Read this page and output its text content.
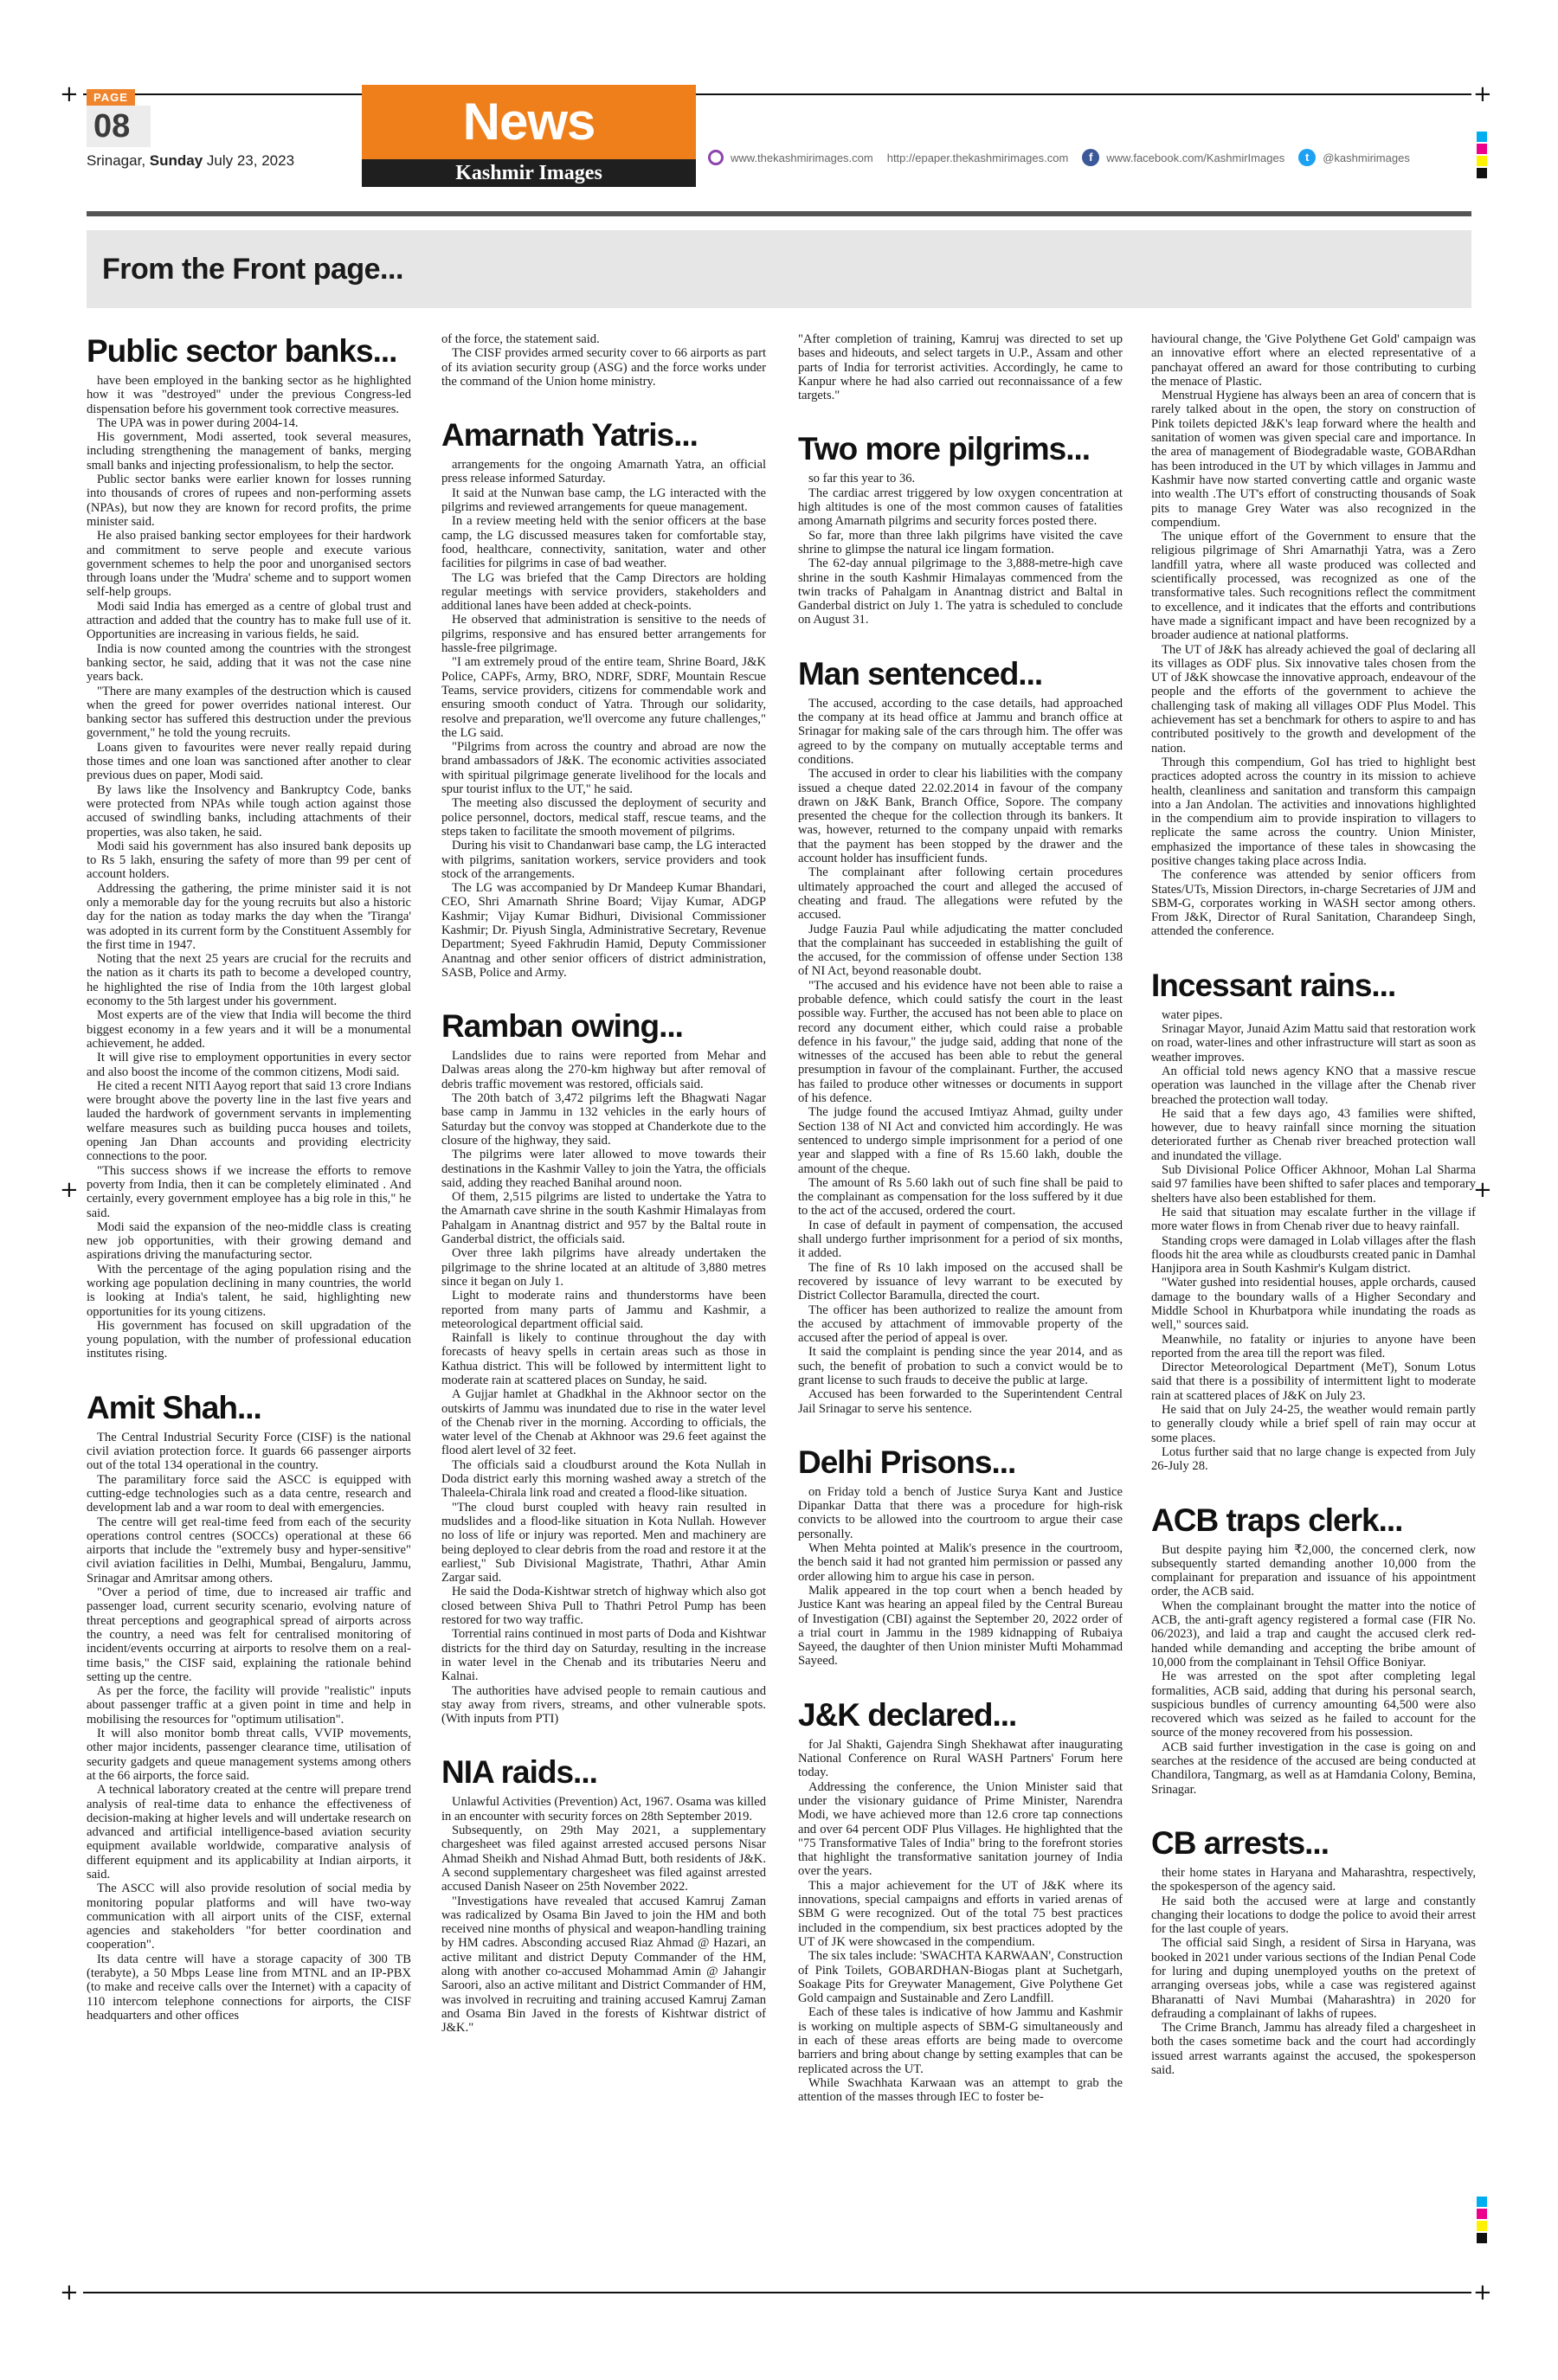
+	+
+	+
+	+
PAGE
08
Srinagar, Sunday July 23, 2023
News
Kashmir Images
www.thekashmirimages.com http://epaper.thekashmirimages.com	f	www.facebook.com/KashmirImages	t	@kashmirimages
From the Front page...
Public sector banks...

have been employed in the banking sector as he highlighted how it was "destroyed" under the previous Congress-led dispensation before his government took corrective measures.

The UPA was in power during 2004-14.

His government, Modi asserted, took several measures, including strengthening the management of banks, merging small banks and injecting professionalism, to help the sector.

Public sector banks were earlier known for losses running into thousands of crores of rupees and non-performing assets (NPAs), but now they are known for record profits, the prime minister said.

He also praised banking sector employees for their hardwork and commitment to serve people and execute various government schemes to help the poor and unorganised sectors through loans under the 'Mudra' scheme and to support women self-help groups.

Modi said India has emerged as a centre of global trust and attraction and added that the country has to make full use of it. Opportunities are increasing in various fields, he said.

India is now counted among the countries with the strongest banking sector, he said, adding that it was not the case nine years back.

"There are many examples of the destruction which is caused when the greed for power overrides national interest. Our banking sector has suffered this destruction under the previous government," he told the young recruits.

Loans given to favourites were never really repaid during those times and one loan was sanctioned after another to clear previous dues on paper, Modi said.

By laws like the Insolvency and Bankruptcy Code, banks were protected from NPAs while tough action against those accused of swindling banks, including attachments of their properties, was also taken, he said.

Modi said his government has also insured bank deposits up to Rs 5 lakh, ensuring the safety of more than 99 per cent of account holders.

Addressing the gathering, the prime minister said it is not only a memorable day for the young recruits but also a historic day for the nation as today marks the day when the 'Tiranga' was adopted in its current form by the Constituent Assembly for the first time in 1947.

Noting that the next 25 years are crucial for the recruits and the nation as it charts its path to become a developed country, he highlighted the rise of India from the 10th largest global economy to the 5th largest under his government.

Most experts are of the view that India will become the third biggest economy in a few years and it will be a monumental achievement, he added.

It will give rise to employment opportunities in every sector and also boost the income of the common citizens, Modi said.

He cited a recent NITI Aayog report that said 13 crore Indians were brought above the poverty line in the last five years and lauded the hardwork of government servants in implementing welfare measures such as building pucca houses and toilets, opening Jan Dhan accounts and providing electricity connections to the poor.

"This success shows if we increase the efforts to remove poverty from India, then it can be completely eliminated . And certainly, every government employee has a big role in this," he said.

Modi said the expansion of the neo-middle class is creating new job opportunities, with their growing demand and aspirations driving the manufacturing sector.

With the percentage of the aging population rising and the working age population declining in many countries, the world is looking at India's talent, he said, highlighting new opportunities for its young citizens.

His government has focused on skill upgradation of the young population, with the number of professional education institutes rising.

Amit Shah...

The Central Industrial Security Force (CISF) is the national civil aviation protection force. It guards 66 passenger airports out of the total 134 operational in the country.

The paramilitary force said the ASCC is equipped with cutting-edge technologies such as a data centre, research and development lab and a war room to deal with emergencies.

The centre will get real-time feed from each of the security operations control centres (SOCCs) operational at these 66 airports that include the "extremely busy and hyper-sensitive" civil aviation facilities in Delhi, Mumbai, Bengaluru, Jammu, Srinagar and Amritsar among others.

"Over a period of time, due to increased air traffic and passenger load, current security scenario, evolving nature of threat perceptions and geographical spread of airports across the country, a need was felt for centralised monitoring of incident/events occurring at airports to resolve them on a real-time basis," the CISF said, explaining the rationale behind setting up the centre.

As per the force, the facility will provide "realistic" inputs about passenger traffic at a given point in time and help in mobilising the resources for "optimum utilisation".

It will also monitor bomb threat calls, VVIP movements, other major incidents, passenger clearance time, utilisation of security gadgets and queue management systems among others at the 66 airports, the force said.

A technical laboratory created at the centre will prepare trend analysis of real-time data to enhance the effectiveness of decision-making at higher levels and will undertake research on advanced and artificial intelligence-based aviation security equipment available worldwide, comparative analysis of different equipment and its applicability at Indian airports, it said.

The ASCC will also provide resolution of social media by monitoring popular platforms and will have two-way communication with all airport units of the CISF, external agencies and stakeholders "for better coordination and cooperation".

Its data centre will have a storage capacity of 300 TB (terabyte), a 50 Mbps Lease line from MTNL and an IP-PBX (to make and receive calls over the Internet) with a capacity of 110 intercom telephone connections for airports, the CISF headquarters and other offices

of the force, the statement said.

The CISF provides armed security cover to 66 airports as part of its aviation security group (ASG) and the force works under the command of the Union home ministry.

Amarnath Yatris...

arrangements for the ongoing Amarnath Yatra, an official press release informed Saturday.

It said at the Nunwan base camp, the LG interacted with the pilgrims and reviewed arrangements for queue management.

In a review meeting held with the senior officers at the base camp, the LG discussed measures taken for comfortable stay, food, healthcare, connectivity, sanitation, water and other facilities for pilgrims in case of bad weather.

The LG was briefed that the Camp Directors are holding regular meetings with service providers, stakeholders and additional lanes have been added at check-points.

He observed that administration is sensitive to the needs of pilgrims, responsive and has ensured better arrangements for hassle-free pilgrimage.

"I am extremely proud of the entire team, Shrine Board, J&K Police, CAPFs, Army, BRO, NDRF, SDRF, Mountain Rescue Teams, service providers, citizens for commendable work and ensuring smooth conduct of Yatra. Through our solidarity, resolve and preparation, we'll overcome any future challenges," the LG said.

"Pilgrims from across the country and abroad are now the brand ambassadors of J&K. The economic activities associated with spiritual pilgrimage generate livelihood for the locals and spur tourist influx to the UT," he said.

The meeting also discussed the deployment of security and police personnel, doctors, medical staff, rescue teams, and the steps taken to facilitate the smooth movement of pilgrims.

During his visit to Chandanwari base camp, the LG interacted with pilgrims, sanitation workers, service providers and took stock of the arrangements.

The LG was accompanied by Dr Mandeep Kumar Bhandari, CEO, Shri Amarnath Shrine Board; Vijay Kumar, ADGP Kashmir; Vijay Kumar Bidhuri, Divisional Commissioner Kashmir; Dr. Piyush Singla, Administrative Secretary, Revenue Department; Syeed Fakhrudin Hamid, Deputy Commissioner Anantnag and other senior officers of district administration, SASB, Police and Army.

Ramban owing...

Landslides due to rains were reported from Mehar and Dalwas areas along the 270-km highway but after removal of debris traffic movement was restored, officials said.

The 20th batch of 3,472 pilgrims left the Bhagwati Nagar base camp in Jammu in 132 vehicles in the early hours of Saturday but the convoy was stopped at Chanderkote due to the closure of the highway, they said.

The pilgrims were later allowed to move towards their destinations in the Kashmir Valley to join the Yatra, the officials said, adding they reached Banihal around noon.

Of them, 2,515 pilgrims are listed to undertake the Yatra to the Amarnath cave shrine in the south Kashmir Himalayas from Pahalgam in Anantnag district and 957 by the Baltal route in Ganderbal district, the officials said.

Over three lakh pilgrims have already undertaken the pilgrimage to the shrine located at an altitude of 3,880 metres since it began on July 1.

Light to moderate rains and thunderstorms have been reported from many parts of Jammu and Kashmir, a meteorological department official said.

Rainfall is likely to continue throughout the day with forecasts of heavy spells in certain areas such as those in Kathua district. This will be followed by intermittent light to moderate rain at scattered places on Sunday, he said.

A Gujjar hamlet at Ghadkhal in the Akhnoor sector on the outskirts of Jammu was inundated due to rise in the water level of the Chenab river in the morning. According to officials, the water level of the Chenab at Akhnoor was 29.6 feet against the flood alert level of 32 feet.

The officials said a cloudburst around the Kota Nullah in Doda district early this morning washed away a stretch of the Thaleela-Chirala link road and created a flood-like situation.

"The cloud burst coupled with heavy rain resulted in mudslides and a flood-like situation in Kota Nullah. However no loss of life or injury was reported. Men and machinery are being deployed to clear debris from the road and restore it at the earliest," Sub Divisional Magistrate, Thathri, Athar Amin Zargar said.

He said the Doda-Kishtwar stretch of highway which also got closed between Shiva Pull to Thathri Petrol Pump has been restored for two way traffic.

Torrential rains continued in most parts of Doda and Kishtwar districts for the third day on Saturday, resulting in the increase in water level in the Chenab and its tributaries Neeru and Kalnai.

The authorities have advised people to remain cautious and stay away from rivers, streams, and other vulnerable spots. (With inputs from PTI)

NIA raids...

Unlawful Activities (Prevention) Act, 1967. Osama was killed in an encounter with security forces on 28th September 2019.

Subsequently, on 29th May 2021, a supplementary chargesheet was filed against arrested accused persons Nisar Ahmad Sheikh and Nishad Ahmad Butt, both residents of J&K. A second supplementary chargesheet was filed against arrested accused Danish Naseer on 25th November 2022.

"Investigations have revealed that accused Kamruj Zaman was radicalized by Osama Bin Javed to join the HM and both received nine months of physical and weapon-handling training by HM cadres. Absconding accused Riaz Ahmad @ Hazari, an active militant and district Deputy Commander of the HM, along with another co-accused Mohammad Amin @ Jahangir Saroori, also an active militant and District Commander of HM, was involved in recruiting and training accused Kamruj Zaman and Osama Bin Javed in the forests of Kishtwar district of J&K."

"After completion of training, Kamruj was directed to set up bases and hideouts, and select targets in U.P., Assam and other parts of India for terrorist activities. Accordingly, he came to Kanpur where he had also carried out reconnaissance of a few targets."

Two more pilgrims...

so far this year to 36.

The cardiac arrest triggered by low oxygen concentration at high altitudes is one of the most common causes of fatalities among Amarnath pilgrims and security forces posted there.

So far, more than three lakh pilgrims have visited the cave shrine to glimpse the natural ice lingam formation.

The 62-day annual pilgrimage to the 3,888-metre-high cave shrine in the south Kashmir Himalayas commenced from the twin tracks of Pahalgam in Anantnag district and Baltal in Ganderbal district on July 1. The yatra is scheduled to conclude on August 31.

Man sentenced...

The accused, according to the case details, had approached the company at its head office at Jammu and branch office at Srinagar for making sale of the cars through him. The offer was agreed to by the company on mutually acceptable terms and conditions.

The accused in order to clear his liabilities with the company issued a cheque dated 22.02.2014 in favour of the company drawn on J&K Bank, Branch Office, Sopore. The company presented the cheque for the collection through its bankers. It was, however, returned to the company unpaid with remarks that the payment has been stopped by the drawer and the account holder has insufficient funds.

The complainant after following certain procedures ultimately approached the court and alleged the accused of cheating and fraud. The allegations were refuted by the accused.

Judge Fauzia Paul while adjudicating the matter concluded that the complainant has succeeded in establishing the guilt of the accused, for the commission of offense under Section 138 of NI Act, beyond reasonable doubt.

"The accused and his evidence have not been able to raise a probable defence, which could satisfy the court in the least possible way. Further, the accused has not been able to place on record any document either, which could raise a probable defence in his favour," the judge said, adding that none of the witnesses of the accused has been able to rebut the general presumption in favour of the complainant. Further, the accused has failed to produce other witnesses or documents in support of his defence.

The judge found the accused Imtiyaz Ahmad, guilty under Section 138 of NI Act and convicted him accordingly. He was sentenced to undergo simple imprisonment for a period of one year and slapped with a fine of Rs 15.60 lakh, double the amount of the cheque.

The amount of Rs 5.60 lakh out of such fine shall be paid to the complainant as compensation for the loss suffered by it due to the act of the accused, ordered the court.

In case of default in payment of compensation, the accused shall undergo further imprisonment for a period of six months, it added.

The fine of Rs 10 lakh imposed on the accused shall be recovered by issuance of levy warrant to be executed by District Collector Baramulla, directed the court.

The officer has been authorized to realize the amount from the accused by attachment of immovable property of the accused after the period of appeal is over.

It said the complaint is pending since the year 2014, and as such, the benefit of probation to such a convict would be to grant license to such frauds to deceive the public at large.

Accused has been forwarded to the Superintendent Central Jail Srinagar to serve his sentence.

Delhi Prisons...

on Friday told a bench of Justice Surya Kant and Justice Dipankar Datta that there was a procedure for high-risk convicts to be allowed into the courtroom to argue their case personally.

When Mehta pointed at Malik's presence in the courtroom, the bench said it had not granted him permission or passed any order allowing him to argue his case in person.

Malik appeared in the top court when a bench headed by Justice Kant was hearing an appeal filed by the Central Bureau of Investigation (CBI) against the September 20, 2022 order of a trial court in Jammu in the 1989 kidnapping of Rubaiya Sayeed, the daughter of then Union minister Mufti Mohammad Sayeed.

J&K declared...

for Jal Shakti, Gajendra Singh Shekhawat after inaugurating National Conference on Rural WASH Partners' Forum here today.

Addressing the conference, the Union Minister said that under the visionary guidance of Prime Minister, Narendra Modi, we have achieved more than 12.6 crore tap connections and over 64 percent ODF Plus Villages. He highlighted that the "75 Transformative Tales of India" bring to the forefront stories that highlight the transformative sanitation journey of India over the years.

This a major achievement for the UT of J&K where its innovations, special campaigns and efforts in varied arenas of SBM G were recognized. Out of the total 75 best practices included in the compendium, six best practices adopted by the UT of JK were showcased in the compendium.

The six tales include: 'SWACHTA KARWAAN', Construction of Pink Toilets, GOBARDHAN-Biogas plant at Suchetgarh, Soakage Pits for Greywater Management, Give Polythene Get Gold campaign and Sustainable and Zero Landfill.

Each of these tales is indicative of how Jammu and Kashmir is working on multiple aspects of SBM-G simultaneously and in each of these areas efforts are being made to overcome barriers and bring about change by setting examples that can be replicated across the UT.

While Swachhata Karwaan was an attempt to grab the attention of the masses through IEC to foster be-

havioural change, the 'Give Polythene Get Gold' campaign was an innovative effort where an elected representative of a panchayat offered an award for those contributing to curbing the menace of Plastic.

Menstrual Hygiene has always been an area of concern that is rarely talked about in the open, the story on construction of Pink toilets depicted J&K's leap forward where the health and sanitation of women was given special care and importance. In the area of management of Biodegradable waste, GOBARdhan has been introduced in the UT by which villages in Jammu and Kashmir have now started converting cattle and organic waste into wealth .The UT's effort of constructing thousands of Soak pits to manage Grey Water was also recognized in the compendium.

The unique effort of the Government to ensure that the religious pilgrimage of Shri Amarnathji Yatra, was a Zero landfill yatra, where all waste produced was collected and scientifically processed, was recognized as one of the transformative tales. Such recognitions reflect the commitment to excellence, and it indicates that the efforts and contributions have made a significant impact and have been recognized by a broader audience at national platforms.

The UT of J&K has already achieved the goal of declaring all its villages as ODF plus. Six innovative tales chosen from the UT of J&K showcase the innovative approach, endeavour of the people and the efforts of the government to achieve the challenging task of making all villages ODF Plus Model. This achievement has set a benchmark for others to aspire to and has contributed positively to the growth and development of the nation.

Through this compendium, GoI has tried to highlight best practices adopted across the country in its mission to achieve health, cleanliness and sanitation and transform this campaign into a Jan Andolan. The activities and innovations highlighted in the compendium aim to provide inspiration to villagers to replicate the same across the country. Union Minister, emphasized the importance of these tales in showcasing the positive changes taking place across India.

The conference was attended by senior officers from States/UTs, Mission Directors, in-charge Secretaries of JJM and SBM-G, corporates working in WASH sector among others. From J&K, Director of Rural Sanitation, Charandeep Singh, attended the conference.

Incessant rains...

water pipes.

Srinagar Mayor, Junaid Azim Mattu said that restoration work on road, water-lines and other infrastructure will start as soon as weather improves.

An official told news agency KNO that a massive rescue operation was launched in the village after the Chenab river breached the protection wall today.

He said that a few days ago, 43 families were shifted, however, due to heavy rainfall since morning the situation deteriorated further as Chenab river breached protection wall and inundated the village.

Sub Divisional Police Officer Akhnoor, Mohan Lal Sharma said 97 families have been shifted to safer places and temporary shelters have also been established for them.

He said that situation may escalate further in the village if more water flows in from Chenab river due to heavy rainfall.

Standing crops were damaged in Lolab villages after the flash floods hit the area while as cloudbursts created panic in Damhal Hanjipora area in South Kashmir's Kulgam district.

"Water gushed into residential houses, apple orchards, caused damage to the boundary walls of a Higher Secondary and Middle School in Khurbatpora while inundating the roads as well," sources said.

Meanwhile, no fatality or injuries to anyone have been reported from the area till the report was filed.

Director Meteorological Department (MeT), Sonum Lotus said that there is a possibility of intermittent light to moderate rain at scattered places of J&K on July 23.

He said that on July 24-25, the weather would remain partly to generally cloudy while a brief spell of rain may occur at some places.

Lotus further said that no large change is expected from July 26-July 28.

ACB traps clerk...

But despite paying him ₹2,000, the concerned clerk, now subsequently started demanding another 10,000 from the complainant for preparation and issuance of his appointment order, the ACB said.

When the complainant brought the matter into the notice of ACB, the anti-graft agency registered a formal case (FIR No. 06/2023), and laid a trap and caught the accused clerk red-handed while demanding and accepting the bribe amount of 10,000 from the complainant in Tehsil Office Boniyar.

He was arrested on the spot after completing legal formalities, ACB said, adding that during his personal search, suspicious bundles of currency amounting 64,500 were also recovered which was seized as he failed to account for the source of the money recovered from his possession.

ACB said further investigation in the case is going on and searches at the residence of the accused are being conducted at Chandilora, Tangmarg, as well as at Hamdania Colony, Bemina, Srinagar.

CB arrests...

their home states in Haryana and Maharashtra, respectively, the spokesperson of the agency said.

He said both the accused were at large and constantly changing their locations to dodge the police to avoid their arrest for the last couple of years.

The official said Singh, a resident of Sirsa in Haryana, was booked in 2021 under various sections of the Indian Penal Code for luring and duping unemployed youths on the pretext of arranging overseas jobs, while a case was registered against Bharanatti of Navi Mumbai (Maharashtra) in 2020 for defrauding a complainant of lakhs of rupees.

The Crime Branch, Jammu has already filed a chargesheet in both the cases sometime back and the court had accordingly issued arrest warrants against the accused, the spokesperson said.
